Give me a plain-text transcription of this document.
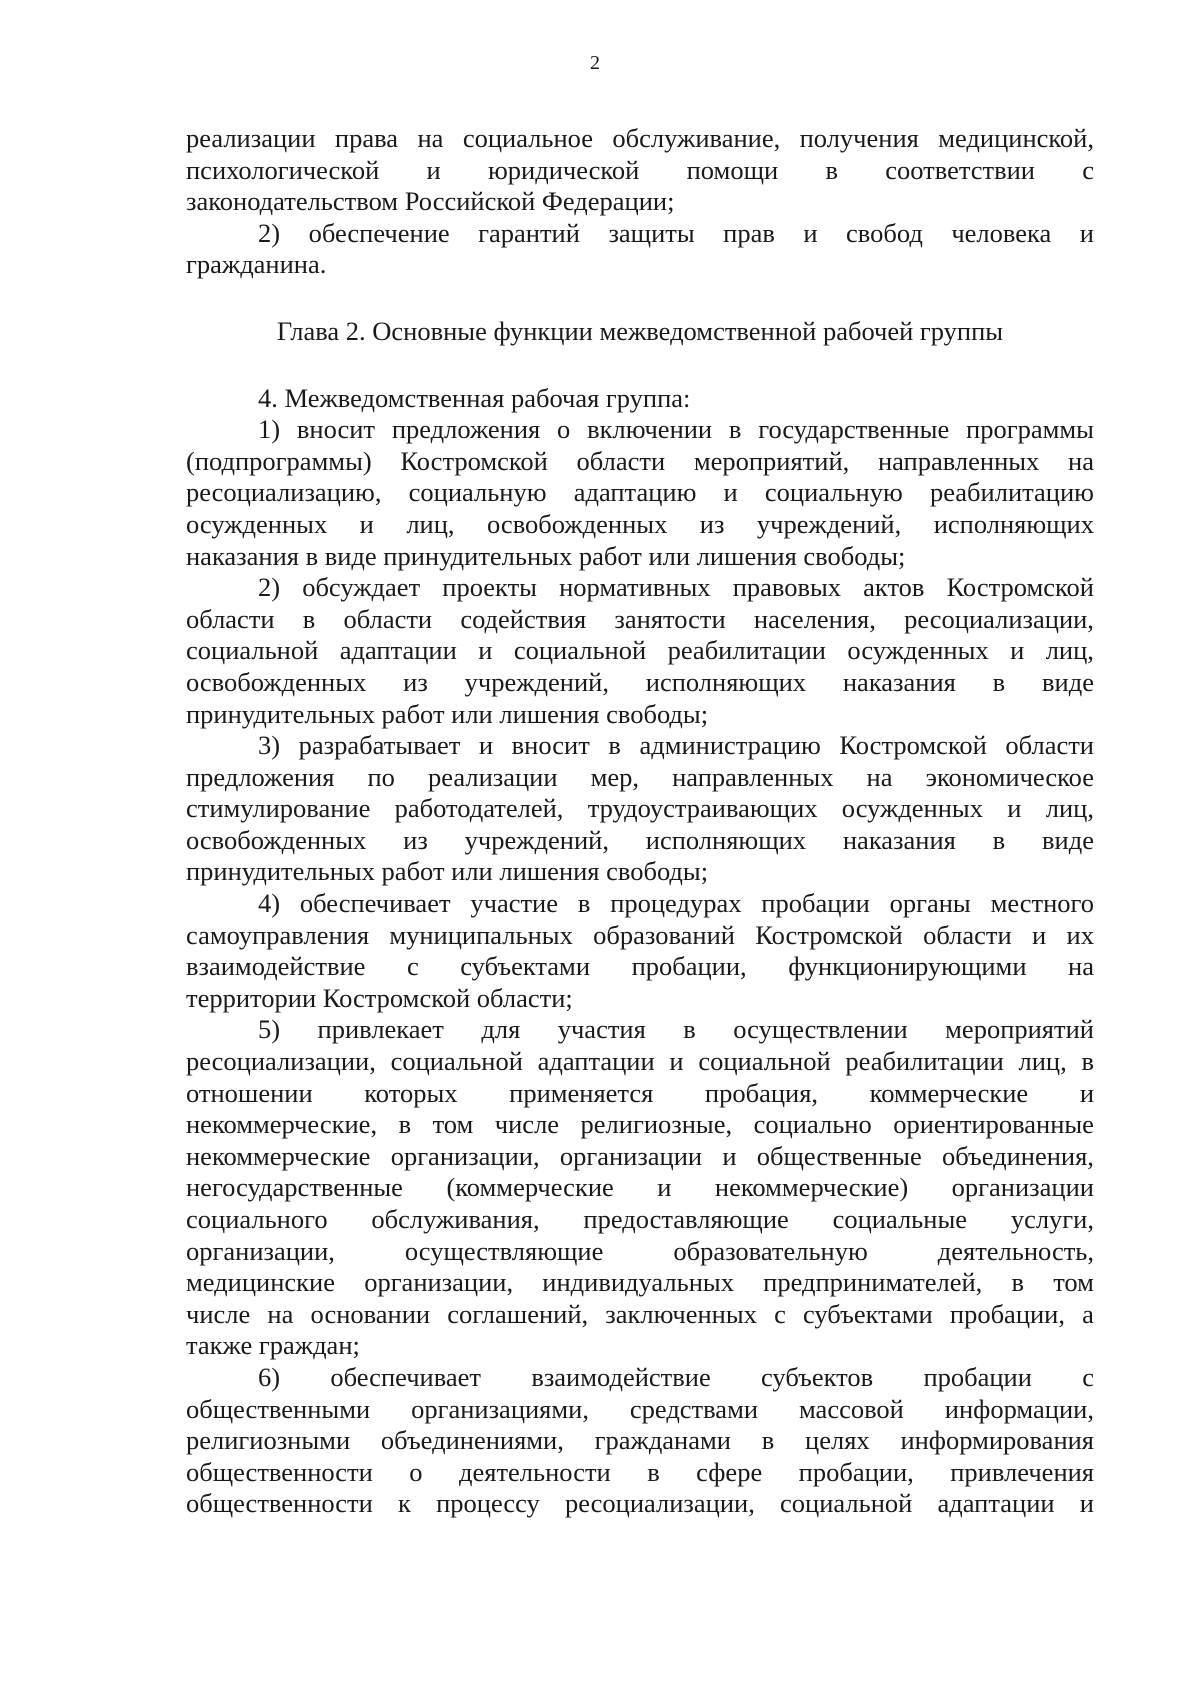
2
реализации права на социальное обслуживание, получения медицинской,
психологической и юридической помощи в соответствии с
законодательством Российской Федерации;
2) обеспечение гарантий защиты прав и свобод человека и
гражданина.
Глава 2. Основные функции межведомственной рабочей группы
4. Межведомственная рабочая группа:
1) вносит предложения о включении в государственные программы
(подпрограммы) Костромской области мероприятий, направленных на
ресоциализацию, социальную адаптацию и социальную реабилитацию
осужденных и лиц, освобожденных из учреждений, исполняющих
наказания в виде принудительных работ или лишения свободы;
2) обсуждает проекты нормативных правовых актов Костромской
области в области содействия занятости населения, ресоциализации,
социальной адаптации и социальной реабилитации осужденных и лиц,
освобожденных из учреждений, исполняющих наказания в виде
принудительных работ или лишения свободы;
3) разрабатывает и вносит в администрацию Костромской области
предложения по реализации мер, направленных на экономическое
стимулирование работодателей, трудоустраивающих осужденных и лиц,
освобожденных из учреждений, исполняющих наказания в виде
принудительных работ или лишения свободы;
4) обеспечивает участие в процедурах пробации органы местного
самоуправления муниципальных образований Костромской области и их
взаимодействие с субъектами пробации, функционирующими на
территории Костромской области;
5) привлекает для участия в осуществлении мероприятий
ресоциализации, социальной адаптации и социальной реабилитации лиц, в
отношении которых применяется пробация, коммерческие и
некоммерческие, в том числе религиозные, социально ориентированные
некоммерческие организации, организации и общественные объединения,
негосударственные (коммерческие и некоммерческие) организации
социального обслуживания, предоставляющие социальные услуги,
организации,	осуществляющие	образовательную	деятельность,
медицинские организации, индивидуальных предпринимателей, в том
числе на основании соглашений, заключенных с субъектами пробации, а
также граждан;
6) обеспечивает взаимодействие субъектов пробации с
общественными организациями, средствами массовой информации,
религиозными объединениями, гражданами в целях информирования
общественности о деятельности в сфере пробации, привлечения
общественности к процессу ресоциализации, социальной адаптации и
